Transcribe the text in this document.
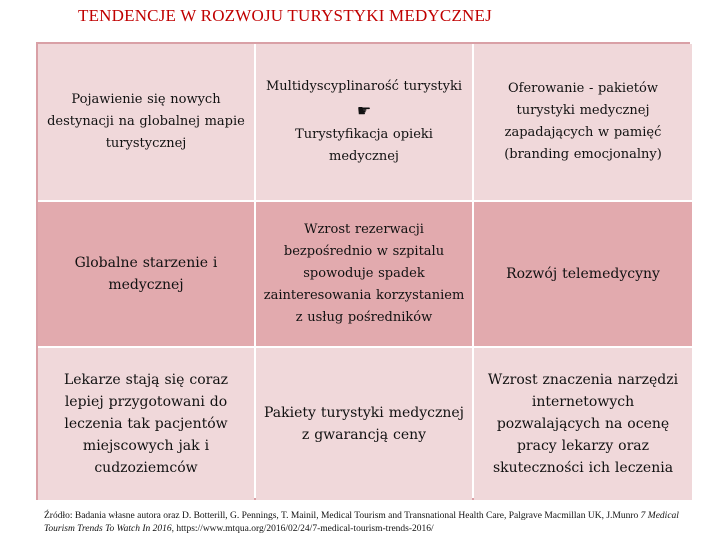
TENDENCJE W ROZWOJU TURYSTYKI MEDYCZNEJ
Pojawienie się nowych destynacji na globalnej mapie turystycznej
Multidyscyplinarość turystyki
☛
Turystyfikacja opieki medycznej
Oferowanie - pakietów turystyki medycznej zapadających w pamięć (branding emocjonalny)
Globalne starzenie i medycznej
Wzrost rezerwacji bezpośrednio w szpitalu spowoduje spadek zainteresowania korzystaniem z usług pośredników
Rozwój telemedycyny
Lekarze stają się coraz lepiej przygotowani do leczenia tak pacjentów miejscowych jak i cudzoziemców
Pakiety turystyki medycznej z gwarancją ceny
Wzrost znaczenia narzędzi internetowych pozwalających na ocenę pracy lekarzy oraz skuteczności ich leczenia
Źródło: Badania własne autora oraz D. Botterill, G. Pennings, T. Mainil, Medical Tourism and Transnational Health Care, Palgrave Macmillan UK, J.Munro 7 Medical Tourism Trends To Watch In 2016, https://www.mtqua.org/2016/02/24/7-medical-tourism-trends-2016/
